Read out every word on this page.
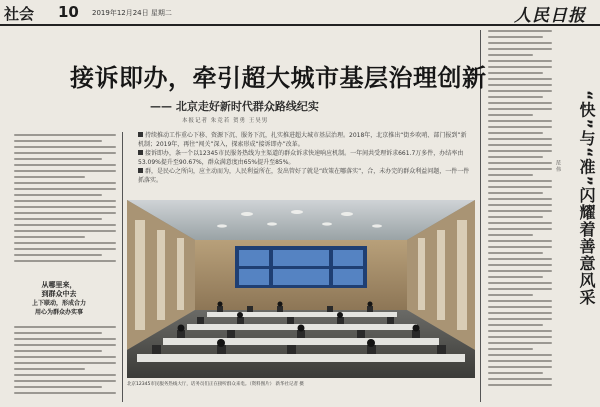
社会 10 2019年12月24日 星期二	人民日报
接诉即办，牵引超大城市基层治理创新
—— 北京走好新时代群众路线纪实
本报记者 朱竞若 贺勇 王昊男

持续推动工作重心下移、资源下沉、服务下沉，扎实推进超大城市基层治理。2018年，北京推出“街乡吹哨、部门报到”新机制；2019年，再往“闯关”深入，探索形成“接诉即办”改革。

接诉即办，条一个以12345市民服务热线为主渠道的群众诉求快速响应机制。一年间共受理诉求661.7万多件，办结率由53.09%提升至90.67%，群众满意度由65%提升至85%。

群，是民心之所向，应主动而为，人民利益所在，发出管好了就是“政策在哪落实”，合，未办完的群众利益问题，一件一件抓落实。

从哪里来，
到群众中去
上下联动，形成合力
用心为群众办实事
北京12345市民服务热线大厅，话务员们正在接听群众来电。（资料图片） 新华社记者 摄
“快”与“准”闪耀着善意风采
范 伟
